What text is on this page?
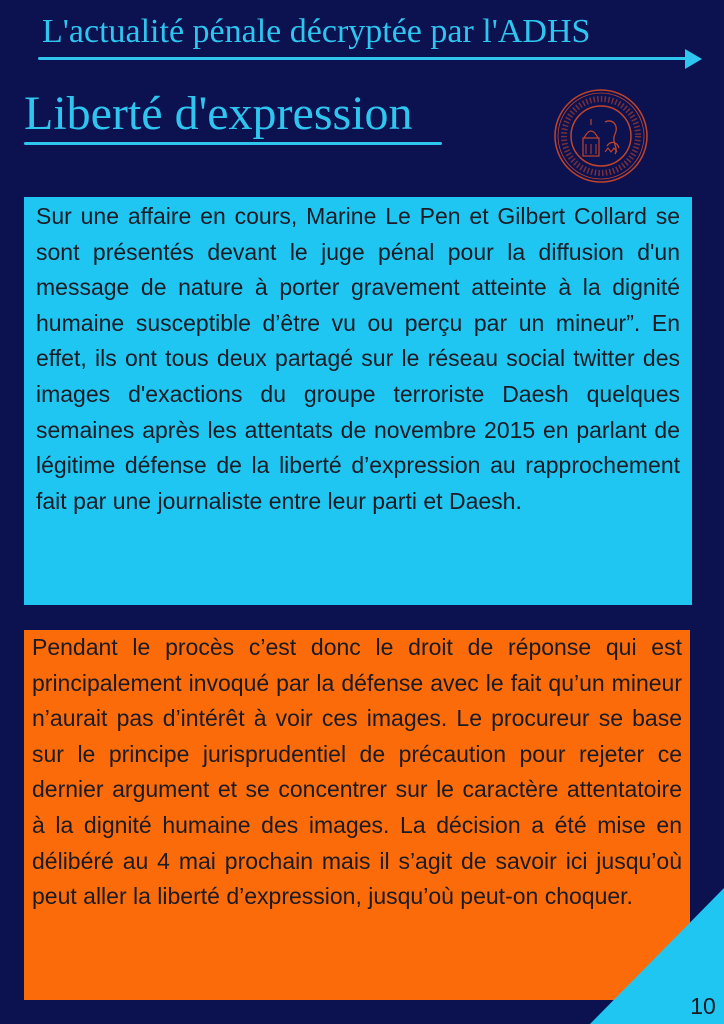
L'actualité pénale décryptée par l'ADHS
Liberté d'expression
Sur une affaire en cours, Marine Le Pen et Gilbert Collard se sont présentés devant le juge pénal pour la diffusion d'un message de nature à porter gravement atteinte à la dignité humaine susceptible d’être vu ou perçu par un mineur”. En effet, ils ont tous deux partagé sur le réseau social twitter des images d'exactions du groupe terroriste Daesh quelques semaines après les attentats de novembre 2015 en parlant de légitime défense de la liberté d’expression au rapprochement fait par une journaliste entre leur parti et Daesh.
Pendant le procès c’est donc le droit de réponse qui est principalement invoqué par la défense avec le fait qu’un mineur n’aurait pas d’intérêt à voir ces images. Le procureur se base sur le principe jurisprudentiel de précaution pour rejeter ce dernier argument et se concentrer sur le caractère attentatoire à la dignité humaine des images. La décision a été mise en délibéré au 4 mai prochain mais il s’agit de savoir ici jusqu’où peut aller la liberté d’expression, jusqu’où peut-on choquer.
10
